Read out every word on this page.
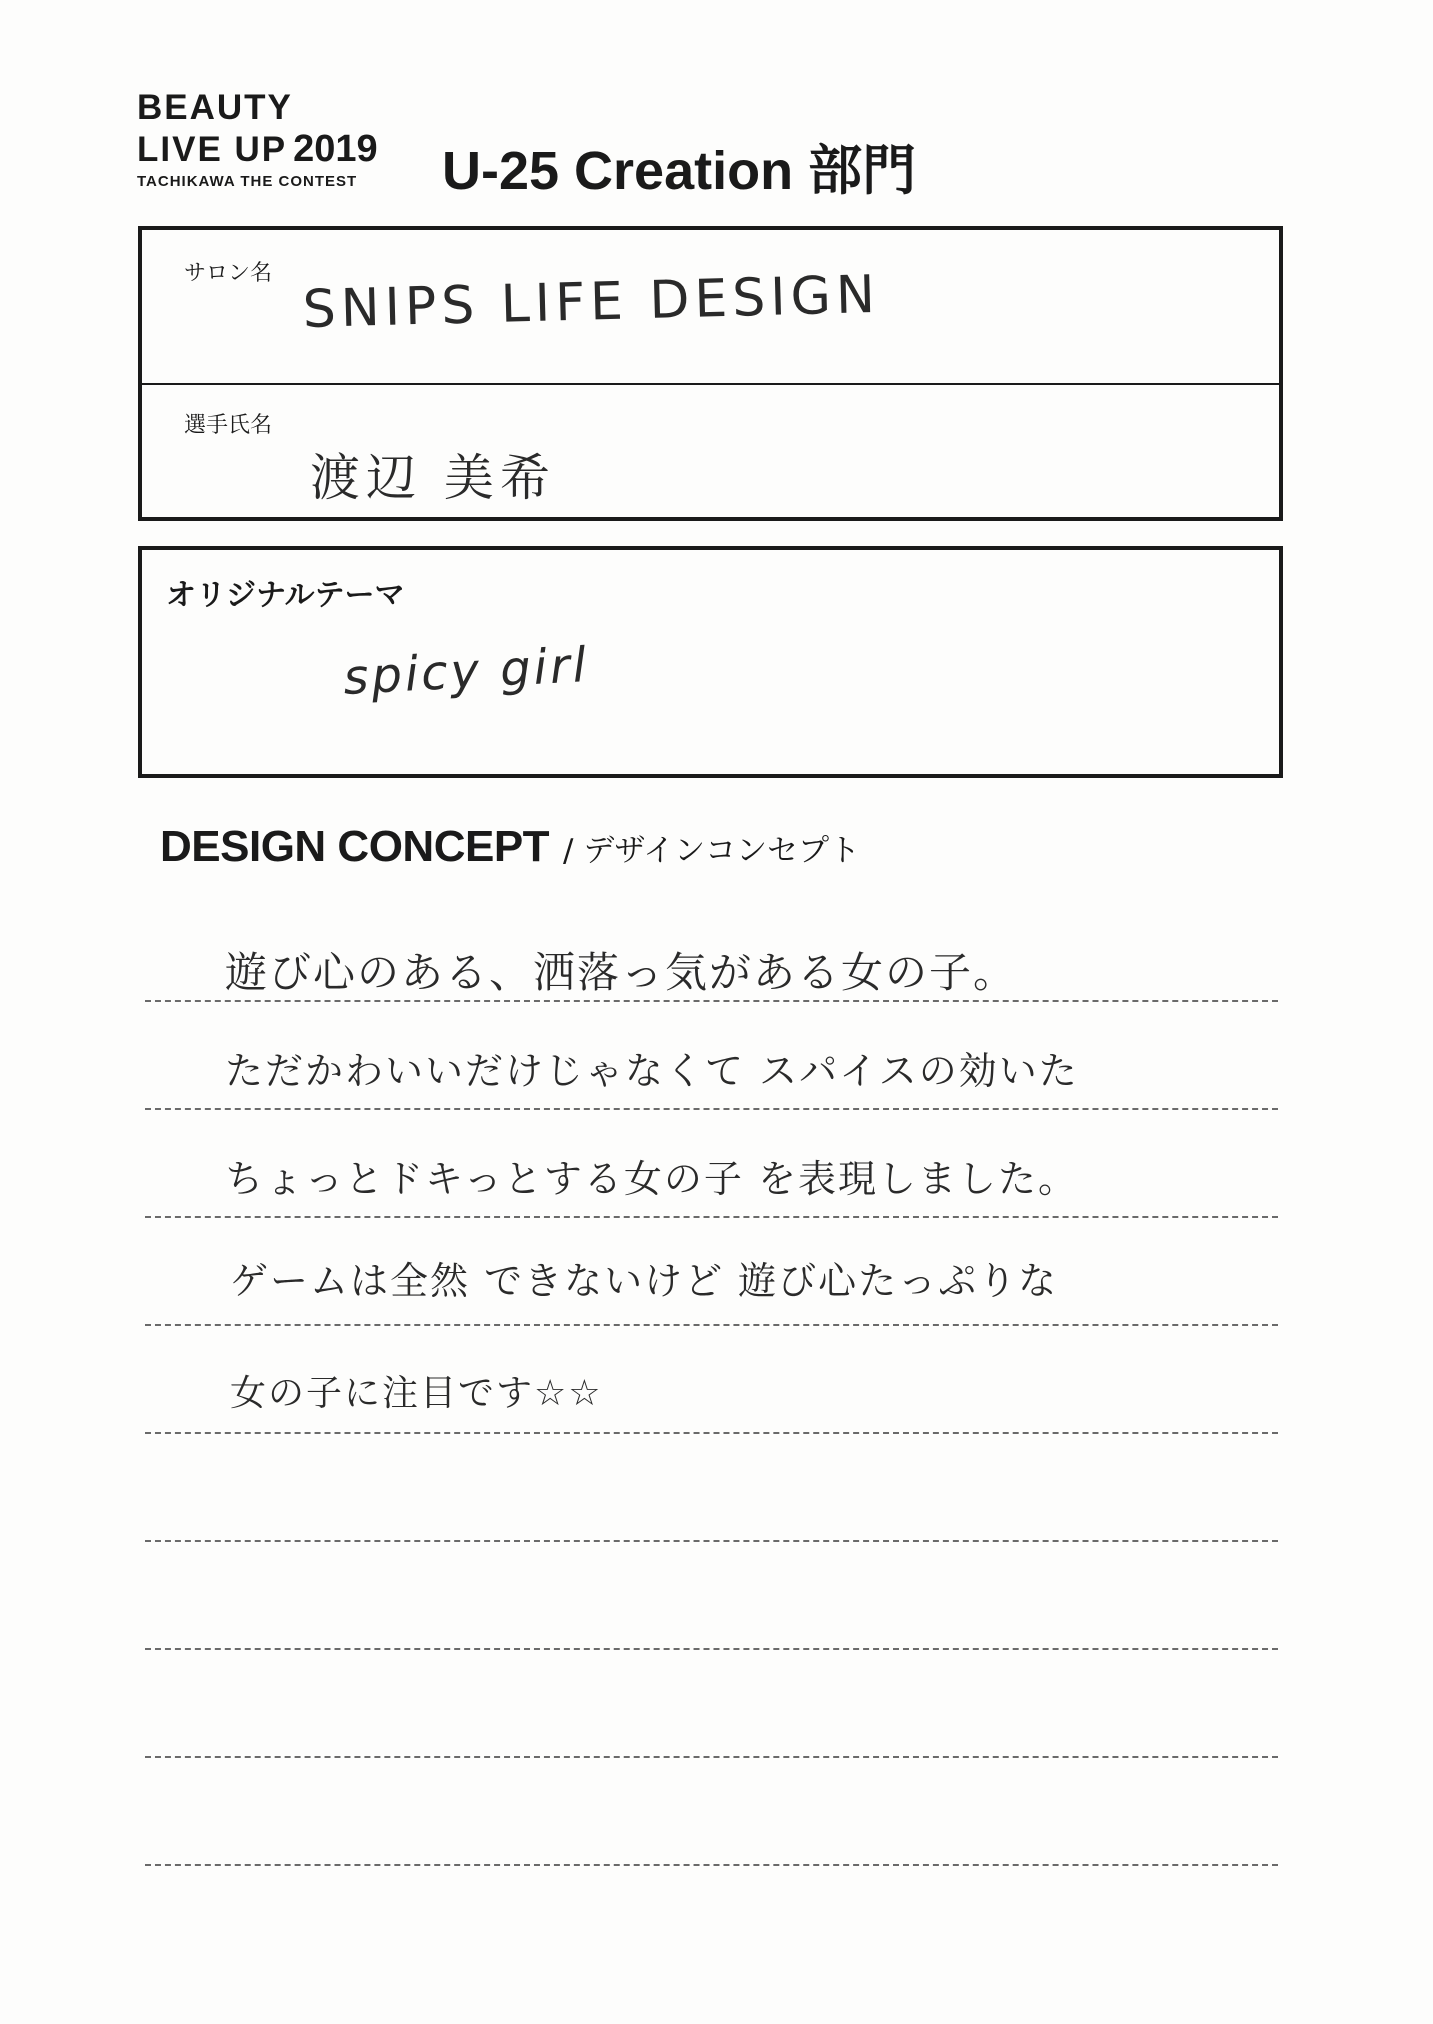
BEAUTY
LIVE UP 2019
TACHIKAWA THE CONTEST	U-25 Creation 部門
サロン名 SNIPS LIFE DESIGN
選手氏名
渡辺 美希
オリジナルテーマ
spicy girl
DESIGN CONCEPT / デザインコンセプト
遊び心のある、洒落っ気がある女の子。
ただかわいいだけじゃなくて スパイスの効いた
ちょっとドキっとする女の子 を表現しました。
ゲームは全然 できないけど 遊び心たっぷりな
女の子に注目です☆☆
